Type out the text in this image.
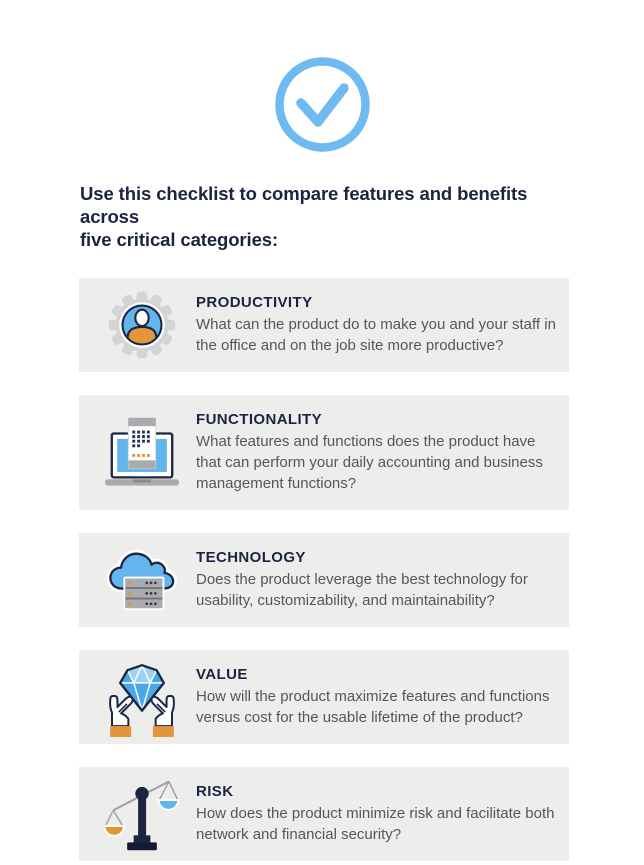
Use this checklist to compare features and benefits across
five critical categories:
PRODUCTIVITY

What can the product do to make you and your staff in the office and on the job site more productive?

FUNCTIONALITY

What features and functions does the product have that can perform your daily accounting and business management functions?

TECHNOLOGY

Does the product leverage the best technology for usability, customizability, and maintainability?

VALUE

How will the product maximize features and functions versus cost for the usable lifetime of the product?

RISK

How does the product minimize risk and facilitate both network and financial security?
